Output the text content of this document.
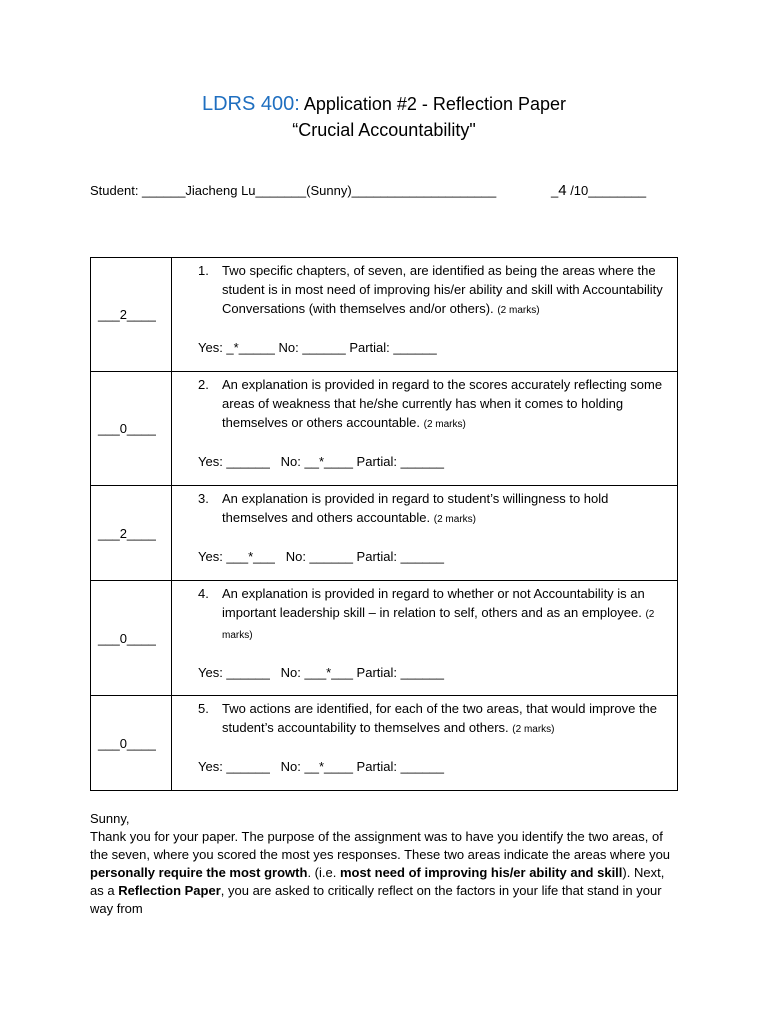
LDRS 400: Application #2 - Reflection Paper
“Crucial Accountability"
Student: ______Jiacheng Lu_______(Sunny)____________________	_4 /10________
___2____	1. Two specific chapters, of seven, are identified as being the areas where the student is in most need of improving his/er ability and skill with Accountability Conversations (with themselves and/or others). (2 marks)
Yes: _*_____ No: ______ Partial: ______

___0____	2. An explanation is provided in regard to the scores accurately reflecting some areas of weakness that he/she currently has when it comes to holding themselves or others accountable. (2 marks)
Yes: ______   No: __*____ Partial: ______

___2____	3. An explanation is provided in regard to student’s willingness to hold themselves and others accountable. (2 marks)
Yes: ___*___   No: ______ Partial: ______

___0____	4. An explanation is provided in regard to whether or not Accountability is an important leadership skill – in relation to self, others and as an employee. (2 marks)
Yes: ______   No: ___*___ Partial: ______

___0____	5. Two actions are identified, for each of the two areas, that would improve the student’s accountability to themselves and others. (2 marks)
Yes: ______   No: __*____ Partial: ______

Sunny,

Thank you for your paper. The purpose of the assignment was to have you identify the two areas, of the seven, where you scored the most yes responses. These two areas indicate the areas where you personally require the most growth. (i.e. most need of improving his/er ability and skill). Next, as a Reflection Paper, you are asked to critically reflect on the factors in your life that stand in your way from
